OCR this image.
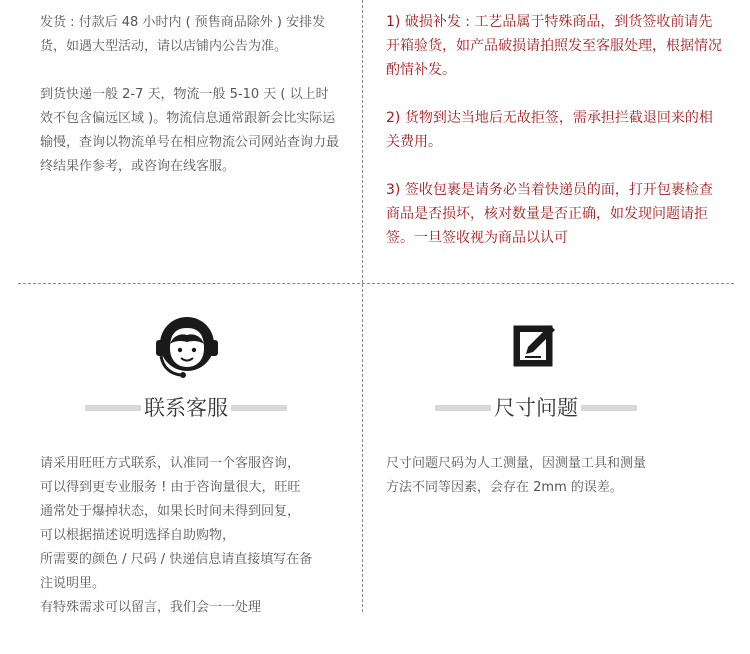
发货 : 付款后 48 小时内 ( 预售商品除外 ) 安排发货，如遇大型活动，请以店铺内公告为准。

到货快递一般 2-7 天，物流一般 5-10 天 ( 以上时效不包含偏远区域 )。物流信息通常跟新会比实际运输慢，查询以物流单号在相应物流公司网站查询力最终结果作参考，或咨询在线客服。

1) 破损补发 : 工艺品属于特殊商品，到货签收前请先开箱验货，如产品破损请拍照发至客服处理，根据情况酌情补发。

2) 货物到达当地后无故拒签，需承担拦截退回来的相关费用。

3) 签收包裹是请务必当着快递员的面，打开包裹检查商品是否损坏，核对数量是否正确，如发现问题请拒签。一旦签收视为商品以认可

联系客服

请采用旺旺方式联系，认准同一个客服咨询，

可以得到更专业服务 ! 由于咨询量很大，旺旺

通常处于爆掉状态，如果长时间未得到回复，

可以根据描述说明选择自助购物，

所需要的颜色 / 尺码 / 快递信息请直接填写在备

注说明里。

有特殊需求可以留言，我们会一一处理

尺寸问题

尺寸问题尺码为人工测量，因测量工具和测量

方法不同等因素，会存在 2mm 的误差。
